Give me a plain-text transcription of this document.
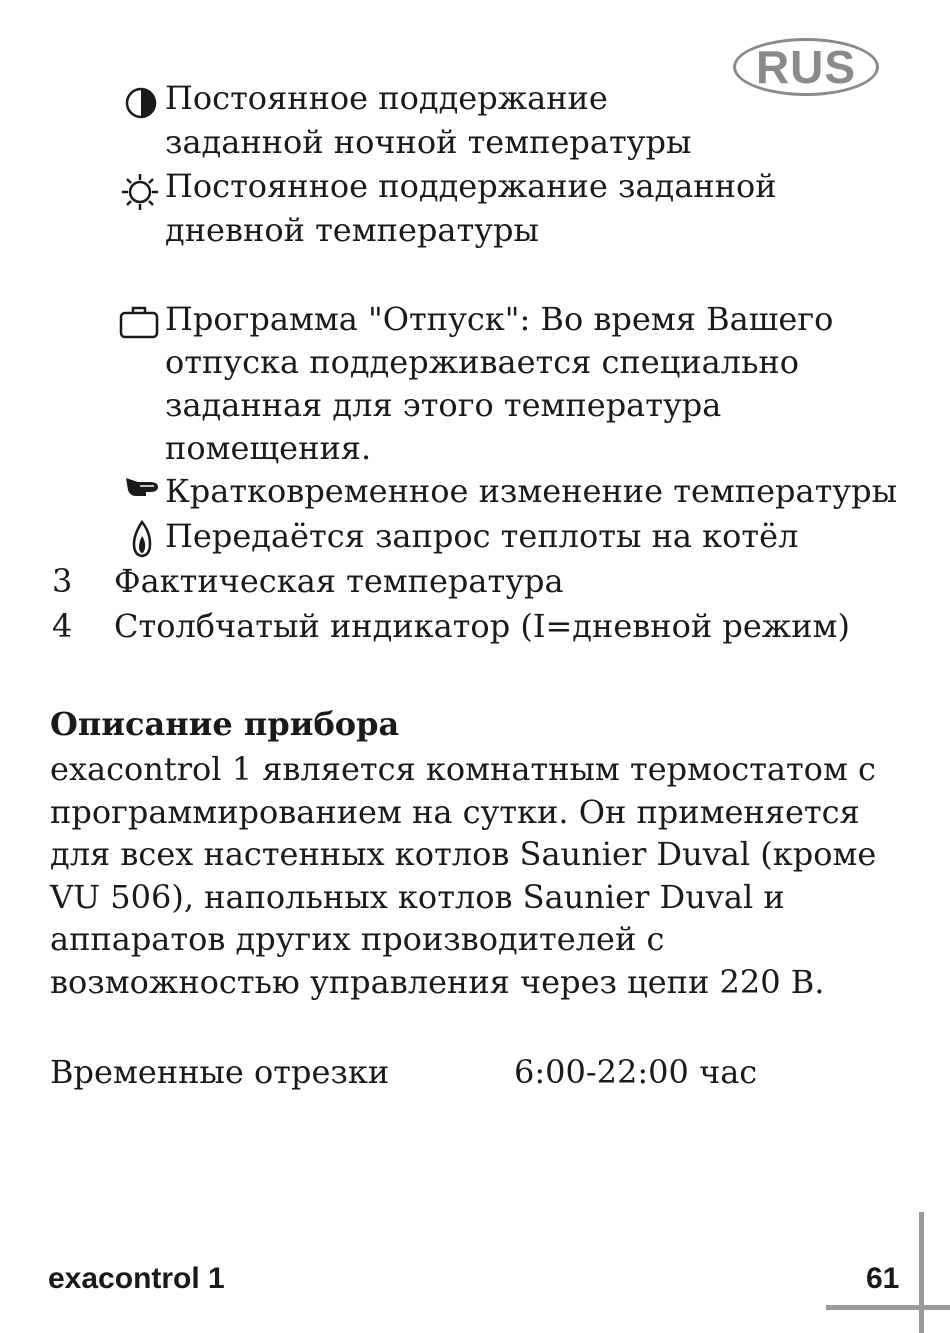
RUS
Постоянное поддержание
заданной ночной температуры
Постоянное поддержание заданной
дневной температуры
Программа "Отпуск": Во время Вашего
отпуска поддерживается специально
заданная для этого температура
помещения.
Кратковременное изменение температуры
Передаётся запрос теплоты на котёл
3 Фактическая температура
4 Столбчатый индикатор (I=дневной режим)
Описание прибора
exacontrol 1 является комнатным термостатом с
программированием на сутки. Он применяется
для всех настенных котлов Saunier Duval (кроме
VU 506), напольных котлов Saunier Duval и
аппаратов других производителей с
возможностью управления через цепи 220 В.
Временные отрезки	6:00-22:00 час
exacontrol 1	61
